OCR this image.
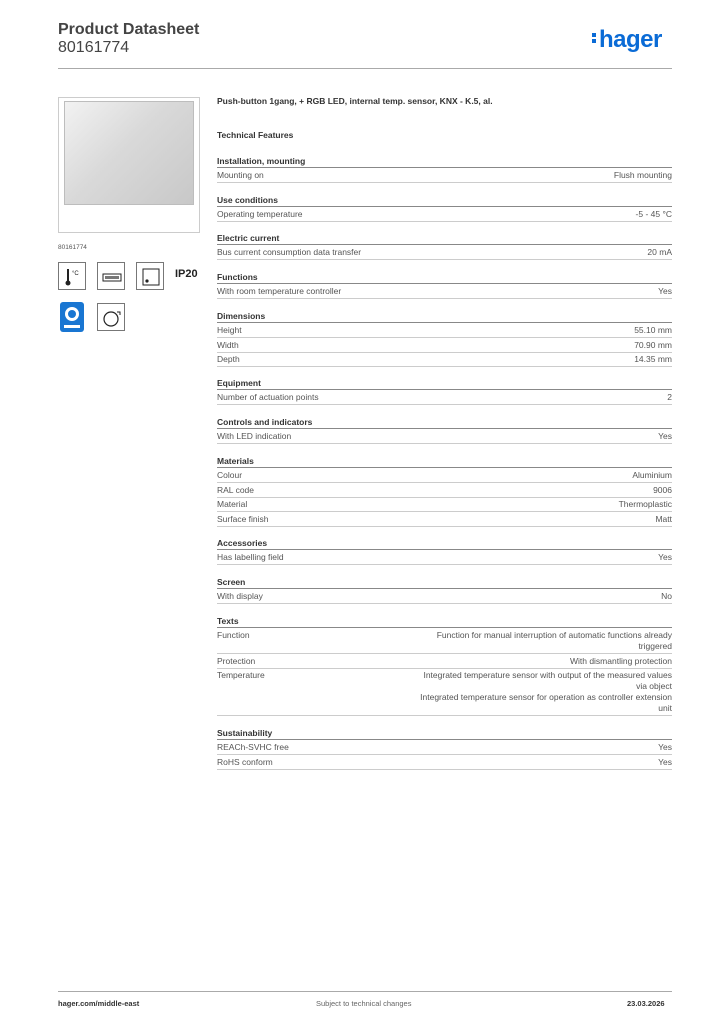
Product Datasheet
80161774	hager
80161774
°C	IP20
Push-button 1gang, + RGB LED, internal temp. sensor, KNX - K.5, al.
Technical Features
Installation, mounting
Mounting on	Flush mounting
Use conditions
Operating temperature	-5 - 45 °C
Electric current
Bus current consumption data transfer	20 mA
Functions
With room temperature controller	Yes
Dimensions
Height	55.10 mm
Width	70.90 mm
Depth	14.35 mm
Equipment
Number of actuation points	2
Controls and indicators
With LED indication	Yes
Materials
Colour	Aluminium
RAL code	9006
Material	Thermoplastic
Surface finish	Matt
Accessories
Has labelling field	Yes
Screen
With display	No
Texts
Function	Function for manual interruption of automatic functions already
triggered
Protection	With dismantling protection
Temperature	Integrated temperature sensor with output of the measured values
via object
Integrated temperature sensor for operation as controller extension
unit
Sustainability
REACh-SVHC free	Yes
RoHS conform	Yes
hager.com/middle-east	Subject to technical changes	23.03.2026
